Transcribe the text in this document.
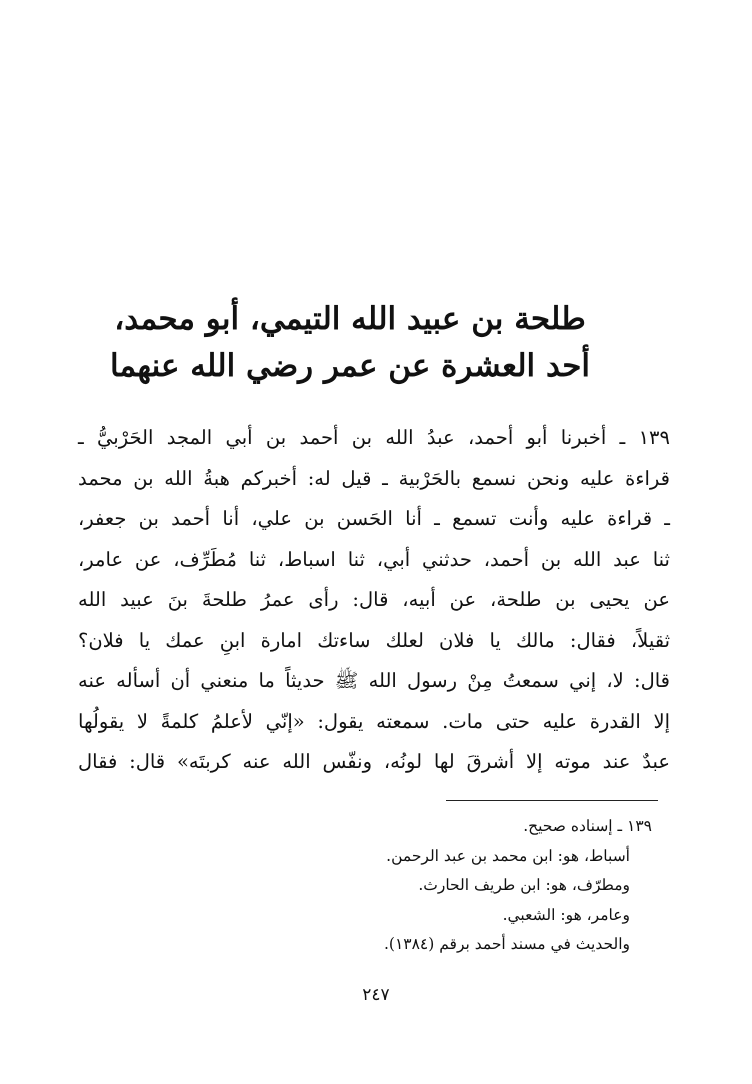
طلحة بن عبيد الله التيمي، أبو محمد،
أحد العشرة عن عمر رضي الله عنهما
١٣٩ ـ أخبرنا أبو أحمد، عبدُ الله بن أحمد بن أبي المجد الحَرْبيُّ ـ
قراءة عليه ونحن نسمع بالحَرْبية ـ قيل له: أخبركم هبةُ الله بن محمد
ـ قراءة عليه وأنت تسمع ـ أنا الحَسن بن علي، أنا أحمد بن جعفر،
ثنا عبد الله بن أحمد، حدثني أبي، ثنا اسباط، ثنا مُطَرِّف، عن عامر،
عن يحيى بن طلحة، عن أبيه، قال: رأى عمرُ طلحةَ بنَ عبيد الله
ثقيلاً، فقال: مالك يا فلان لعلك ساءتك امارة ابنِ عمك يا فلان؟
قال: لا، إني سمعتُ مِنْ رسول الله ﷺ حديثاً ما منعني أن أسأله عنه
إلا القدرة عليه حتى مات. سمعته يقول: «إنّي لأعلمُ كلمةً لا يقولُها
عبدٌ عند موته إلا أشرقَ لها لونُه، ونفّس الله عنه كربتَه» قال: فقال
١٣٩ ـ إسناده صحيح.
أسباط، هو: ابن محمد بن عبد الرحمن.
ومطرّف، هو: ابن طريف الحارث.
وعامر، هو: الشعبي.
والحديث في مسند أحمد برقم (١٣٨٤).
٢٤٧
